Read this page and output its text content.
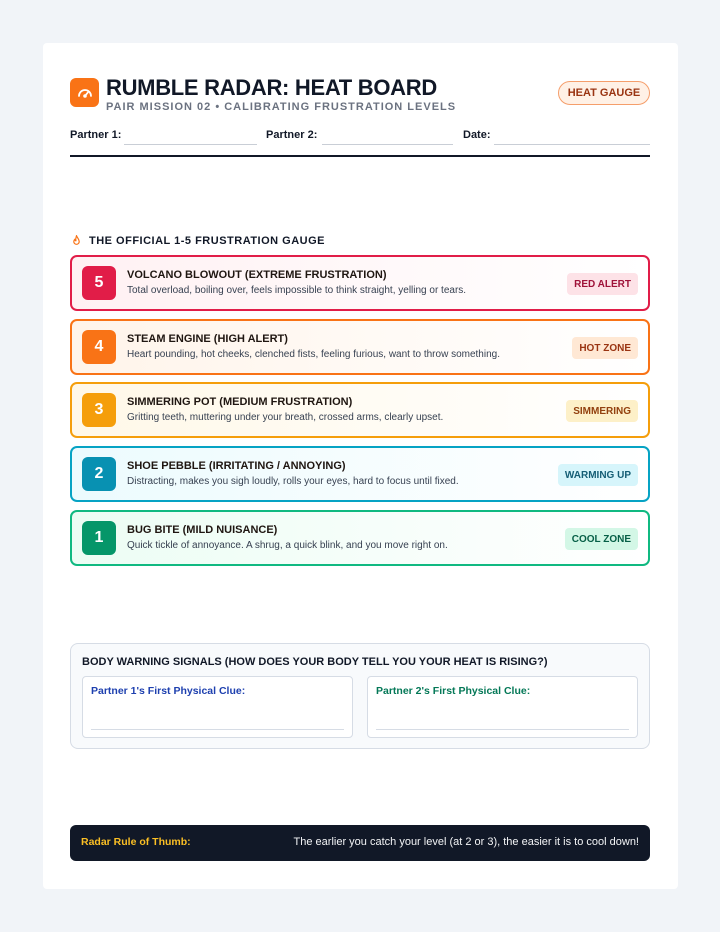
RUMBLE RADAR: HEAT BOARD
PAIR MISSION 02 • CALIBRATING FRUSTRATION LEVELS
HEAT GAUGE
Partner 1:	Partner 2:	Date:
THE OFFICIAL 1-5 FRUSTRATION GAUGE
5	VOLCANO BLOWOUT (EXTREME FRUSTRATION)
Total overload, boiling over, feels impossible to think straight, yelling or tears.
RED ALERT
4	STEAM ENGINE (HIGH ALERT)
Heart pounding, hot cheeks, clenched fists, feeling furious, want to throw something.
HOT ZONE
3	SIMMERING POT (MEDIUM FRUSTRATION)
Gritting teeth, muttering under your breath, crossed arms, clearly upset.
SIMMERING
2	SHOE PEBBLE (IRRITATING / ANNOYING)
Distracting, makes you sigh loudly, rolls your eyes, hard to focus until fixed.
WARMING UP
1	BUG BITE (MILD NUISANCE)
Quick tickle of annoyance. A shrug, a quick blink, and you move right on.
COOL ZONE
BODY WARNING SIGNALS (HOW DOES YOUR BODY TELL YOU YOUR HEAT IS RISING?)
Partner 1's First Physical Clue:	Partner 2's First Physical Clue:
Radar Rule of Thumb:	The earlier you catch your level (at 2 or 3), the easier it is to cool down!
